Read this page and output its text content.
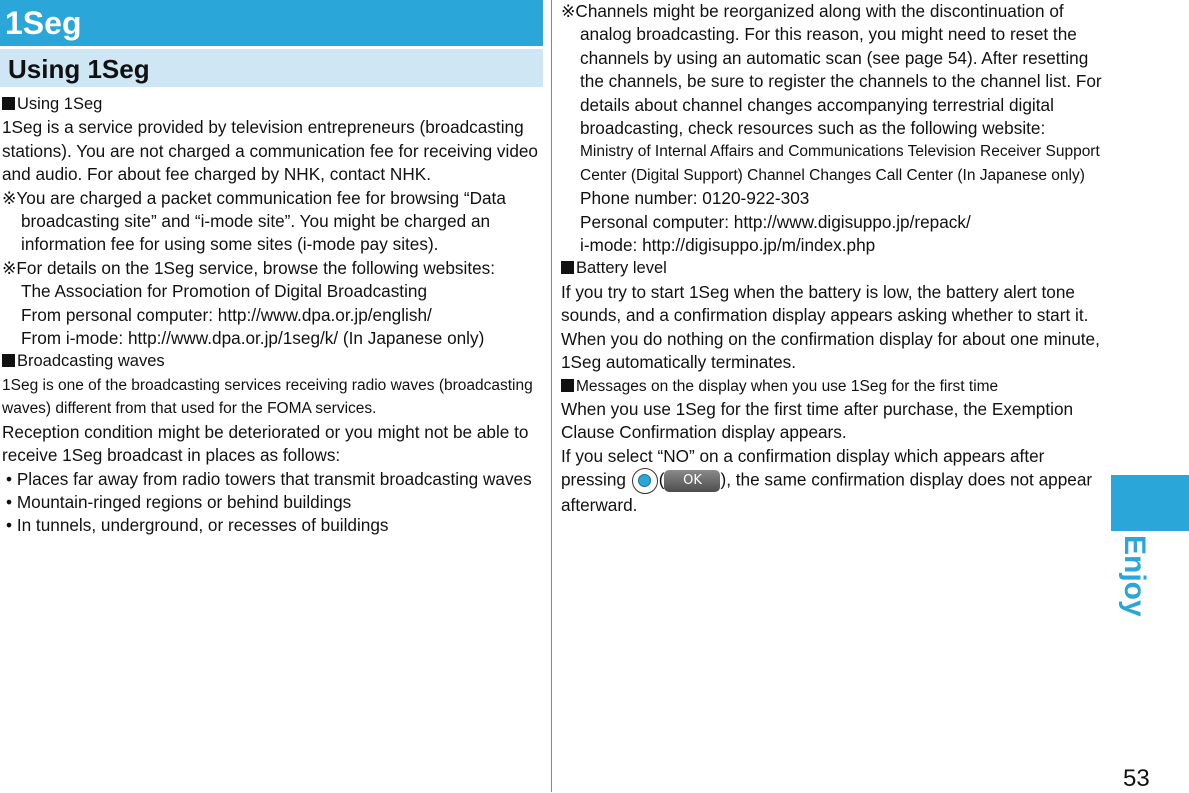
1Seg
Using 1Seg

Using 1Seg

1Seg is a service provided by television entrepreneurs (broadcasting stations). You are not charged a communication fee for receiving video and audio. For about fee charged by NHK, contact NHK.

※You are charged a packet communication fee for browsing “Data broadcasting site” and “i-mode site”. You might be charged an information fee for using some sites (i-mode pay sites).

※For details on the 1Seg service, browse the following websites:

The Association for Promotion of Digital Broadcasting

From personal computer: http://www.dpa.or.jp/english/

From i-mode: http://www.dpa.or.jp/1seg/k/ (In Japanese only)

Broadcasting waves

1Seg is one of the broadcasting services receiving radio waves (broadcasting waves) different from that used for the FOMA services.

Reception condition might be deteriorated or you might not be able to receive 1Seg broadcast in places as follows:

• Places far away from radio towers that transmit broadcasting waves

• Mountain-ringed regions or behind buildings

• In tunnels, underground, or recesses of buildings

※Channels might be reorganized along with the discontinuation of analog broadcasting. For this reason, you might need to reset the channels by using an automatic scan (see page 54). After resetting the channels, be sure to register the channels to the channel list. For details about channel changes accompanying terrestrial digital broadcasting, check resources such as the following website:

Ministry of Internal Affairs and Communications Television Receiver Support Center (Digital Support) Channel Changes Call Center (In Japanese only)

Phone number: 0120-922-303

Personal computer: http://www.digisuppo.jp/repack/

i-mode: http://digisuppo.jp/m/index.php

Battery level

If you try to start 1Seg when the battery is low, the battery alert tone sounds, and a confirmation display appears asking whether to start it. When you do nothing on the confirmation display for about one minute, 1Seg automatically terminates.

Messages on the display when you use 1Seg for the first time

When you use 1Seg for the first time after purchase, the Exemption Clause Confirmation display appears.

If you select “NO” on a confirmation display which appears after pressing ( OK ), the same confirmation display does not appear afterward.

Enjoy
53
